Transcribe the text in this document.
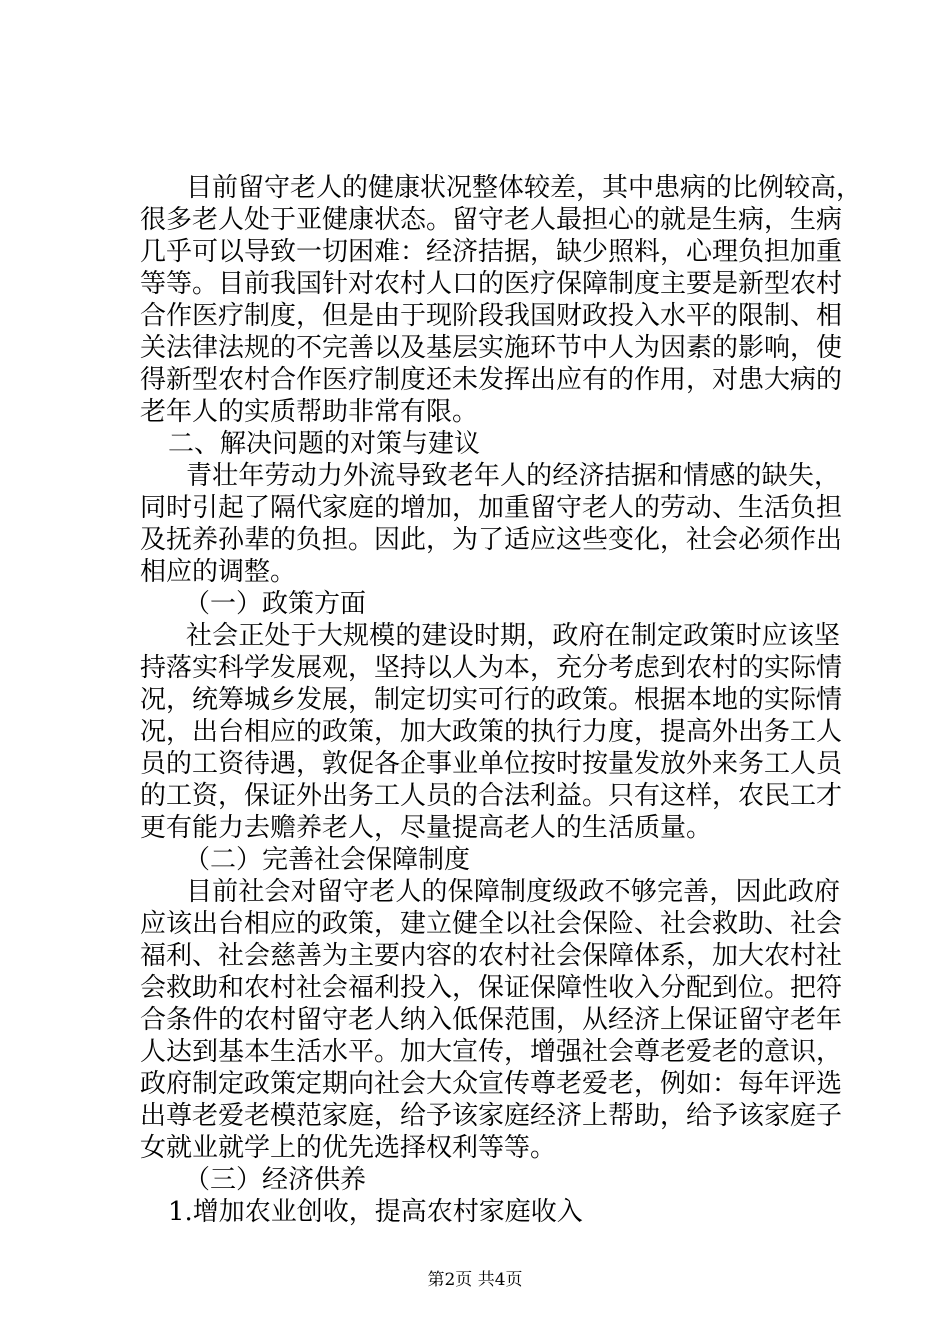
目前留守老人的健康状况整体较差，其中患病的比例较高，
很多老人处于亚健康状态。留守老人最担心的就是生病，生病
几乎可以导致一切困难：经济拮据，缺少照料，心理负担加重
等等。目前我国针对农村人口的医疗保障制度主要是新型农村
合作医疗制度，但是由于现阶段我国财政投入水平的限制、相
关法律法规的不完善以及基层实施环节中人为因素的影响，使
得新型农村合作医疗制度还未发挥出应有的作用，对患大病的
老年人的实质帮助非常有限。
二、解决问题的对策与建议
青壮年劳动力外流导致老年人的经济拮据和情感的缺失，
同时引起了隔代家庭的增加，加重留守老人的劳动、生活负担
及抚养孙辈的负担。因此，为了适应这些变化，社会必须作出
相应的调整。
（一）政策方面
社会正处于大规模的建设时期，政府在制定政策时应该坚
持落实科学发展观，坚持以人为本，充分考虑到农村的实际情
况，统筹城乡发展，制定切实可行的政策。根据本地的实际情
况，出台相应的政策，加大政策的执行力度，提高外出务工人
员的工资待遇，敦促各企事业单位按时按量发放外来务工人员
的工资，保证外出务工人员的合法利益。只有这样，农民工才
更有能力去赡养老人，尽量提高老人的生活质量。
（二）完善社会保障制度
目前社会对留守老人的保障制度级政不够完善，因此政府
应该出台相应的政策，建立健全以社会保险、社会救助、社会
福利、社会慈善为主要内容的农村社会保障体系，加大农村社
会救助和农村社会福利投入，保证保障性收入分配到位。把符
合条件的农村留守老人纳入低保范围，从经济上保证留守老年
人达到基本生活水平。加大宣传，增强社会尊老爱老的意识，
政府制定政策定期向社会大众宣传尊老爱老，例如：每年评选
出尊老爱老模范家庭，给予该家庭经济上帮助，给予该家庭子
女就业就学上的优先选择权利等等。
（三）经济供养
1.增加农业创收，提高农村家庭收入
第2页 共4页
